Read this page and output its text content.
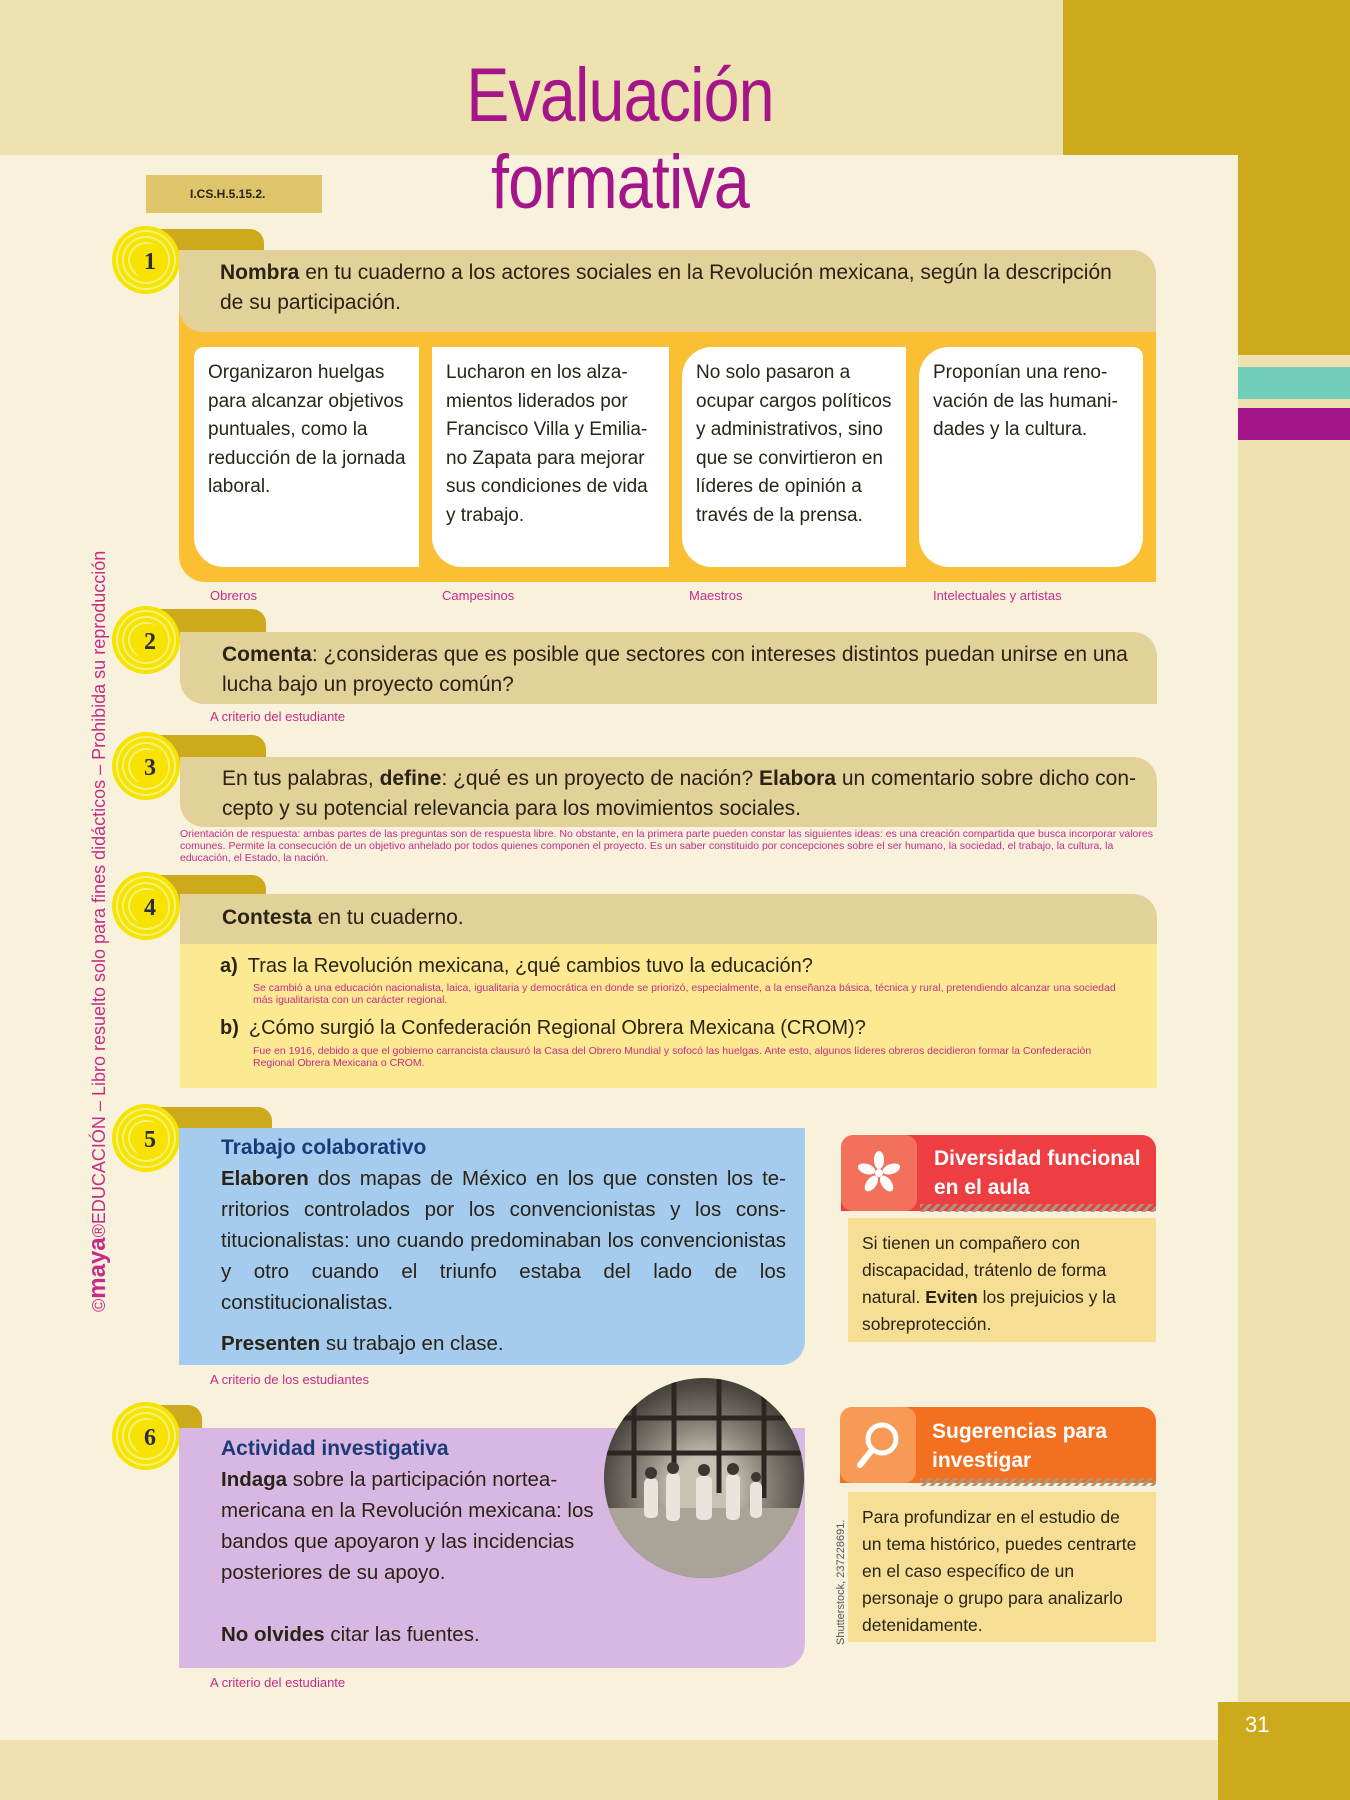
31
Evaluación formativa
I.CS.H.5.15.2.
©maya®EDUCACIÓN – Libro resuelto solo para fines didácticos – Prohibida su reproducción
1	Nombra en tu cuaderno a los actores sociales en la Revolución mexicana, según la descripción de su participación.
Organizaron huelgas para alcanzar objetivos puntuales, como la reducción de la jornada laboral.
Lucharon en los alzamientos liderados por Francisco Villa y Emiliano Zapata para mejorar sus condiciones de vida y trabajo.
No solo pasaron a ocupar cargos políticos y administrativos, sino que se convirtieron en líderes de opinión a través de la prensa.
Proponían una renovación de las humanidades y la cultura.
Obreros	Campesinos	Maestros	Intelectuales y artistas
2	Comenta: ¿consideras que es posible que sectores con intereses distintos puedan unirse en una lucha bajo un proyecto común?
A criterio del estudiante
3	En tus palabras, define: ¿qué es un proyecto de nación? Elabora un comentario sobre dicho concepto y su potencial relevancia para los movimientos sociales.
Orientación de respuesta: ambas partes de las preguntas son de respuesta libre. No obstante, en la primera parte pueden constar las siguientes ideas: es una creación compartida que busca incorporar valores comunes. Permite la consecución de un objetivo anhelado por todos quienes componen el proyecto. Es un saber constituido por concepciones sobre el ser humano, la sociedad, el trabajo, la cultura, la educación, el Estado, la nación.
4	Contesta en tu cuaderno.
a) Tras la Revolución mexicana, ¿qué cambios tuvo la educación?
Se cambió a una educación nacionalista, laica, igualitaria y democrática en donde se priorizó, especialmente, a la enseñanza básica, técnica y rural, pretendiendo alcanzar una sociedad más igualitarista con un carácter regional.
b) ¿Cómo surgió la Confederación Regional Obrera Mexicana (CROM)?
Fue en 1916, debido a que el gobierno carrancista clausuró la Casa del Obrero Mundial y sofocó las huelgas. Ante esto, algunos líderes obreros decidieron formar la Confederación Regional Obrera Mexicana o CROM.
5	Trabajo colaborativo
Elaboren dos mapas de México en los que consten los territorios controlados por los convencionistas y los constitucionalistas: uno cuando predominaban los convencionistas y otro cuando el triunfo estaba del lado de los constitucionalistas.
Presenten su trabajo en clase.
A criterio de los estudiantes
Diversidad funcional en el aula
Si tienen un compañero con discapacidad, trátenlo de forma natural. Eviten los prejuicios y la sobreprotección.
6	Actividad investigativa
Indaga sobre la participación norteamericana en la Revolución mexicana: los bandos que apoyaron y las incidencias posteriores de su apoyo.
No olvides citar las fuentes.	Shutterstock, 237228691.
A criterio del estudiante
Sugerencias para investigar
Para profundizar en el estudio de un tema histórico, puedes centrarte en el caso específico de un personaje o grupo para analizarlo detenidamente.
